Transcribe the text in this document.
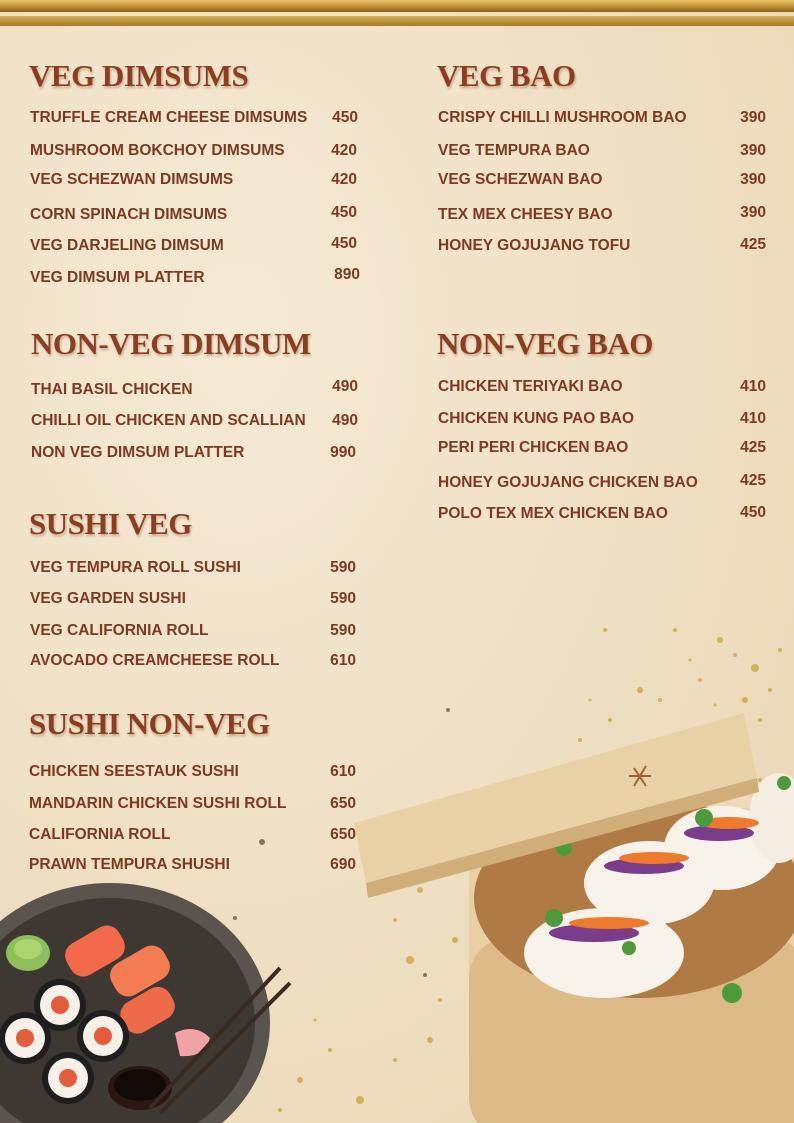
VEG DIMSUMS
TRUFFLE CREAM CHEESE DIMSUMS	450
MUSHROOM BOKCHOY DIMSUMS	420
VEG SCHEZWAN DIMSUMS	420
CORN SPINACH DIMSUMS	450
VEG DARJELING DIMSUM	450
VEG DIMSUM PLATTER	890
VEG BAO
CRISPY CHILLI MUSHROOM BAO	390
VEG TEMPURA BAO	390
VEG SCHEZWAN BAO	390
TEX MEX CHEESY BAO	390
HONEY GOJUJANG TOFU	425
NON-VEG DIMSUM
THAI BASIL CHICKEN	490
CHILLI OIL CHICKEN AND SCALLIAN	490
NON VEG DIMSUM PLATTER	990
NON-VEG BAO
CHICKEN TERIYAKI BAO	410
CHICKEN KUNG PAO BAO	410
PERI PERI CHICKEN BAO	425
HONEY GOJUJANG CHICKEN BAO	425
POLO TEX MEX CHICKEN BAO	450
SUSHI VEG
VEG TEMPURA ROLL SUSHI	590
VEG GARDEN SUSHI	590
VEG CALIFORNIA ROLL	590
AVOCADO CREAMCHEESE ROLL	610
SUSHI NON-VEG
CHICKEN SEESTAUK SUSHI	610
MANDARIN CHICKEN SUSHI ROLL	650
CALIFORNIA ROLL	650
PRAWN TEMPURA SHUSHI	690
